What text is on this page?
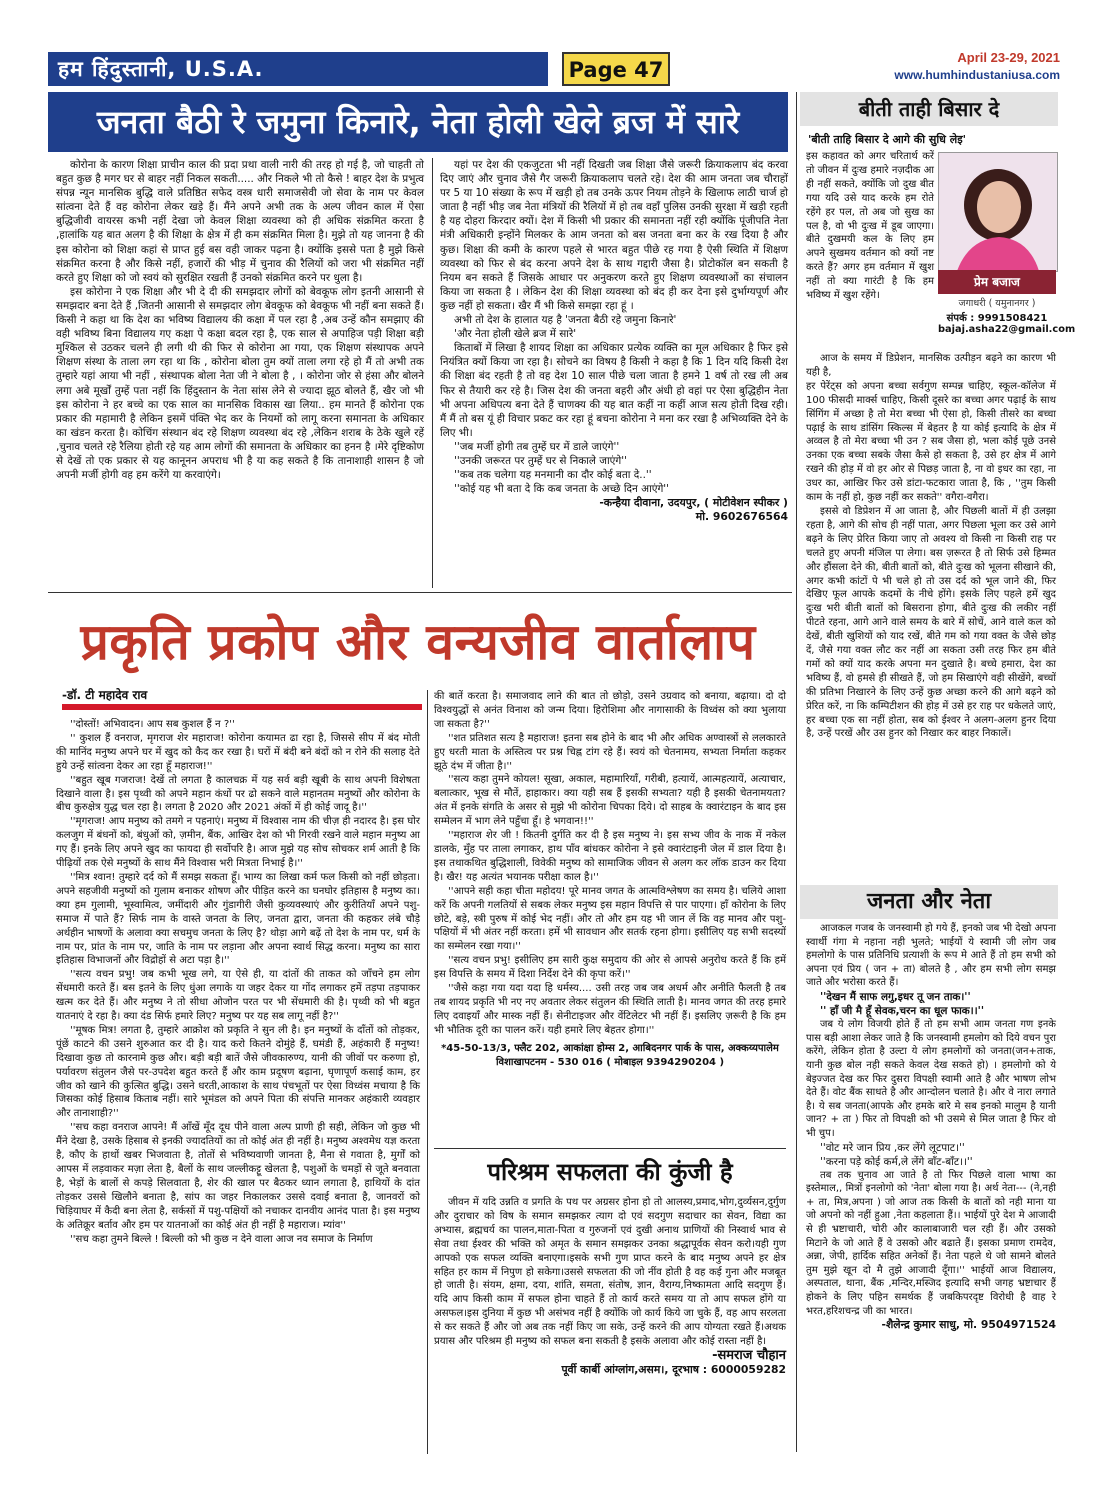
हम हिंदुस्तानी, U.S.A.	Page 47
April 23-29, 2021
www.humhindustaniusa.com
जनता बैठी रे जमुना किनारे, नेता होली खेले ब्रज में सारे

कोरोना के कारण शिक्षा प्राचीन काल की प्रदा प्रथा वाली नारी की तरह हो गई है, जो चाहती तो बहुत कुछ है मगर घर से बाहर नहीं निकल सकती..... और निकले भी तो कैसे ! बाहर देश के प्रभुत्व संपन्न न्यून मानसिक बुद्धि वाले प्रतिष्ठित सफेद वस्त्र धारी समाजसेवी जो सेवा के नाम पर केवल सांत्वना देते हैं वह कोरोना लेकर खड़े हैं। मैंने अपने अभी तक के अल्प जीवन काल में ऐसा बुद्धिजीवी वायरस कभी नहीं देखा जो केवल शिक्षा व्यवस्था को ही अधिक संक्रमित करता है ,हालांकि यह बात अलग है की शिक्षा के क्षेत्र में ही कम संक्रमित मिला है। मुझे तो यह जानना है की इस कोरोना को शिक्षा कहां से प्राप्त हुई बस वही जाकर पढ़ना है। क्योंकि इससे पता है मुझे किसे संक्रमित करना है और किसे नहीं, हजारों की भीड़ में चुनाव की रैलियों को जरा भी संक्रमित नहीं करते हुए शिक्षा को जो स्वयं को सुरक्षित रखती हैं उनको संक्रमित करने पर धुला है।

इस कोरोना ने एक शिक्षा और भी दे दी की समझदार लोगों को बेवकूफ लोग इतनी आसानी से समझदार बना देते हैं ,जितनी आसानी से समझदार लोग बेवकूफ को बेवकूफ भी नहीं बना सकते हैं। किसी ने कहा था कि देश का भविष्य विद्यालय की कक्षा में पल रहा है ,अब उन्हें कौन समझाए की वही भविष्य बिना विद्यालय गए कक्षा पे कक्षा बदल रहा है, एक साल से अपाहिज पड़ी शिक्षा बड़ी मुश्किल से उठकर चलने ही लगी थी की फिर से कोरोना आ गया, एक शिक्षण संस्थापक अपने शिक्षण संस्था के ताला लग रहा था कि , कोरोना बोला तुम क्यों ताला लगा रहे हो मैं तो अभी तक तुम्हारे यहां आया भी नहीं , संस्थापक बोला नेता जी ने बोला है , । कोरोना जोर से हंसा और बोलने लगा अबे मूर्खों तुम्हें पता नहीं कि हिंदुस्तान के नेता सांस लेने से ज्यादा झूठ बोलते हैं, खैर जो भी इस कोरोना ने हर बच्चे का एक साल का मानसिक विकास खा लिया.. हम मानते हैं कोरोना एक प्रकार की महामारी है लेकिन इसमें पंक्ति भेद कर के नियमों को लागू करना समानता के अधिकार का खंडन करता है। कोचिंग संस्थान बंद रहे शिक्षण व्यवस्था बंद रहे ,लेकिन शराब के ठेके खुले रहें ,चुनाव चलते रहे रैलिया होती रहे यह आम लोगों की समानता के अधिकार का हनन है ।मेरे दृष्टिकोण से देखें तो एक प्रकार से यह कानूनन अपराध भी है या कह सकते है कि तानाशाही शासन है जो अपनी मर्जी होगी वह हम करेंगे या करवाएंगे।

यहां पर देश की एकजुटता भी नहीं दिखती जब शिक्षा जैसे जरूरी क्रियाकलाप बंद करवा दिए जाएं और चुनाव जैसे गैर जरूरी क्रियाकलाप चलते रहे। देश की आम जनता जब चौराहों पर 5 या 10 संख्या के रूप में खड़ी हो तब उनके ऊपर नियम तोड़ने के खिलाफ लाठी चार्ज हो जाता है नहीं भीड़ जब नेता मंत्रियों की रैलियों में हो तब वहाँ पुलिस उनकी सुरक्षा में खड़ी रहती है यह दोहरा किरदार क्यों। देश में किसी भी प्रकार की समानता नहीं रही क्योंकि पूंजीपति नेता मंत्री अधिकारी इन्होंने मिलकर के आम जनता को बस जनता बना कर के रख दिया है और कुछ। शिक्षा की कमी के कारण पहले से भारत बहुत पीछे रह गया है ऐसी स्थिति में शिक्षण व्यवस्था को फिर से बंद करना अपने देश के साथ गद्दारी जैसा है। प्रोटोकॉल बन सकती है नियम बन सकते हैं जिसके आधार पर अनुकरण करते हुए शिक्षण व्यवस्थाओं का संचालन किया जा सकता है । लेकिन देश की शिक्षा व्यवस्था को बंद ही कर देना इसे दुर्भाग्यपूर्ण और कुछ नहीं हो सकता। खैर मैं भी किसे समझा रहा हूं ।

अभी तो देश के हालात यह है 'जनता बैठी रहे जमुना किनारे'

'और नेता होली खेले ब्रज में सारे'

किताबों में लिखा है शायद शिक्षा का अधिकार प्रत्येक व्यक्ति का मूल अधिकार है फिर इसे नियंत्रित क्यों किया जा रहा है। सोचने का विषय है किसी ने कहा है कि 1 दिन यदि किसी देश की शिक्षा बंद रहती है तो वह देश 10 साल पीछे चला जाता है हमने 1 वर्ष तो रख ली अब फिर से तैयारी कर रहे है। जिस देश की जनता बहरी और अंधी हो वहां पर ऐसा बुद्धिहीन नेता भी अपना अधिपत्य बना देते हैं चाणक्य की यह बात कहीं ना कहीं आज सत्य होती दिख रही। मैं मैं तो बस यूं ही विचार प्रकट कर रहा हूं बचना कोरोना ने मना कर रखा है अभिव्यक्ति देने के लिए भी।

''जब मर्जी होगी तब तुम्हें घर में डाले जाएंगे''

''उनकी जरूरत पर तुम्हें घर से निकाले जाएंगे''

''कब तक चलेगा यह मनमानी का दौर कोई बता दे..''

''कोई यह भी बता दे कि कब जनता के अच्छे दिन आएंगे''

-कन्हैया दीवाना, उदयपुर, ( मोटीवेशन स्पीकर )
मो. 9602676564
बीती ताही बिसार दे
'बीती ताहि बिसार दे आगे की सुधि लेइ'

इस कहावत को अगर चरितार्थ करें तो जीवन में दुःख हमारे नज़दीक आ ही नहीं सकते, क्योंकि जो दुख बीत गया यदि उसे याद करके हम रोते रहेंगे हर पल, तो अब जो सुख का पल है, वो भी दुःख में डूब जाएगा। बीते दुखमयी कल के लिए हम अपने सुखमय वर्तमान को क्यों नष्ट करते हैं? अगर हम वर्तमान में खुश नहीं तो क्या गारंटी है कि हम भविष्य में खुश रहेंगे।

प्रेम बजाज
जगाधरी ( यमुनानगर )
संपर्क : 9991508421
bajaj.asha22@gmail.com

आज के समय में डिप्रेशन, मानसिक उत्पीड़न बढ़ने का कारण भी यही है,

हर पेरेंट्स को अपना बच्चा सर्वगुण सम्पन्न चाहिए, स्कूल-कॉलेज में 100 फीसदी मार्क्स चाहिए, किसी दूसरे का बच्चा अगर पढ़ाई के साथ सिंगिंग में अच्छा है तो मेरा बच्चा भी ऐसा हो, किसी तीसरे का बच्चा पढ़ाई के साथ डांसिंग स्किल्स में बेहतर है या कोई इत्यादि के क्षेत्र में अव्वल है तो मेरा बच्चा भी उन ? सब जैसा हो, भला कोई पूछे उनसे उनका एक बच्चा सबके जैसा कैसे हो सकता है, उसे हर क्षेत्र में आगे रखने की होड़ में वो हर ओर से पिछड़ जाता है, ना वो इधर का रहा, ना उधर का, आखिर फिर उसे डांटा-फटकारा जाता है, कि , ''तुम किसी काम के नहीं हो, कुछ नहीं कर सकते'' वगैरा-वगैरा।

इससे वो डिप्रेशन में आ जाता है, और पिछली बातों में ही उलझा रहता है, आगे की सोच ही नहीं पाता, अगर पिछला भूला कर उसे आगे बढ़ने के लिए प्रेरित किया जाए तो अवश्य वो किसी ना किसी राह पर चलते हुए अपनी मंजिल पा लेगा। बस ज़रूरत है तो सिर्फ उसे हिम्मत और हौंसला देने की, बीती बातों को, बीते दुःख को भूलना सीखाने की, अगर कभी कांटों पे भी चले हो तो उस दर्द को भूल जाने की, फिर देखिए फूल आपके कदमों के नीचे होंगे। इसके लिए पहले हमें खुद दुःख भरी बीती बातों को बिसराना होगा, बीते दुःख की लकीर नहीं पीटते रहना, आगे आने वाले समय के बारे में सोचें, आने वाले कल को देखें, बीती खुशियों को याद रखें, बीते गम को गया वक्त के जैसे छोड़ दें, जैसे गया वक्त लौट कर नहीं आ सकता उसी तरह फिर हम बीते गमों को क्यों याद करके अपना मन दुखाते है। बच्चे हमारा, देश का भविष्य हैं, वो हमसे ही सीखते हैं, जो हम सिखाएंगे वही सीखेंगे, बच्चों की प्रतिभा निखारने के लिए उन्हें कुछ अच्छा करने की आगे बढ़ने को प्रेरित करें, ना कि कम्पिटीशन की होड़ में उसे हर राह पर धकेलते जाएं, हर बच्चा एक सा नहीं होता, सब को ईश्वर ने अलग-अलग हुनर दिया है, उन्हें परखें और उस हुनर को निखार कर बाहर निकालें।

जनता और नेता

आजकल गजब के जनस्वामी हो गये हैं, इनको जब भी देखो अपना स्वार्थी गंगा मे नहाना नही भुलते; भाईयों ये स्वामी जी लोग जब हमलोगो के पास प्रतिनिधि प्रत्याशी के रूप मे आते हैं तो हम सभी को अपना एवं प्रिय ( जन + ता) बोलते है , और हम सभी लोग समझ जाते और भरोसा करते हैं।

''देखन मैं साफ लगु,इधर तू जन ताक।''

'' हाँ जी मै हूँ सेवक,चरन का धूल फाक।।''

जब ये लोग विजयी होते हैं तो हम सभी आम जनता गण इनके पास बड़ी आशा लेकर जाते है कि जनस्वामी हमलोग को दिये वचन पुरा करेंगे, लेकिन होता है उल्टा ये लोग हमलोगों को जनता(जन+ताक, यानी कुछ बोल नही सकते केवल देख सकते हो) । हमलोगो को ये बेइज्जत देख कर फिर दुसरा विपक्षी स्वामी आते है और भाषण लोभ देते हैं। वोट बैंक साधते है और आन्दोलन चलाते है। और वे नारा लगाते है। ये सब जनता(आपके और हमके बारे मे सब इनको मालुम है यानी जान? + ता ) फिर तो विपक्षी को भी उसमे से मिल जाता है फिर वो भी चुप।

''वोट मरे जान प्रिय ,कर लेंगे लूटपाट।''

''करना पड़े कोई कर्म,ले लेंगे बाँट-बाँट।।''

तब तक चुनाव आ जाते है तो फिर पिछले वाला भाषा का इस्तेमाल,, मित्रों इनलोगो को 'नेता' बोला गया है। अर्थ नेता--- (ने,नही + ता, मित्र,अपना ) जो आज तक किसी के बातों को नही माना या जो अपनो को नहीं हुआ ,नेता कहलाता हैं।। भाईयों पुरे देश मे आजादी से ही भ्रष्टाचारी, चोरी और कालाबाजारी चल रही हैं। और उसको मिटाने के जो आते हैं वे उसको और बढाते हैं। इसका प्रमाण रामदेव, अन्ना, जेपी, हार्दिक सहित अनेकों हैं। नेता पहले थे जो सामने बोलते तुम मुझे खून दो मै तुझे आजादी दूँगा।'' भाईयों आज विद्यालय, अस्पताल, थाना, बैंक ,मन्दिर,मस्जिद इत्यादि सभी जगह भ्रष्टाचार हैं होकने के लिए पहिन समर्थक हैं जबकिपरदृष्ट विरोधी है वाह रे भरत,हरिशचन्द्र जी का भारत।

-शैलेन्द्र कुमार साधु, मो. 9504971524
प्रकृति प्रकोप और वन्यजीव वार्तालाप
-डॉ. टी महादेव राव

''दोस्तों! अभिवादन। आप सब कुशल हैं न ?''

'' कुशल हैं वनराज, मृगराज शेर महाराज! कोरोना कयामत ढा रहा है, जिससे सीप में बंद मोती की मानिंद मनुष्य अपने घर में खुद को कैद कर रखा है। घरों में बंदी बने बंदों को न रोने की सलाह देते हुये उन्हें सांत्वना देकर आ रहा हूँ महाराज!''

''बहुत खूब गजराज! देखें तो लगता है कालचक्र में यह सर्व बड़ी खूबी के साथ अपनी विशेषता दिखाने वाला है। इस पृथ्वी को अपने महान कंधों पर ढो सकने वाले महानतम मनुष्यों और कोरोना के बीच कुरुक्षेत्र युद्ध चल रहा है। लगता है 2020 और 2021 अंकों में ही कोई जादू है।''

''मृगराज! आप मनुष्य को तमगे न पहनाएं। मनुष्य में विश्वास नाम की चीज़ ही नदारद है। इस घोर कलजुग में बंधनों को, बंधुओं को, ज़मीन, बैंक, आखिर देश को भी गिरवी रखने वाले महान मनुष्य आ गए हैं। इनके लिए अपने खुद का फायदा ही सर्वोपरि है। आज मुझे यह सोच सोचकर शर्म आती है कि पीढ़ियों तक ऐसे मनुष्यों के साथ मैंने विश्वास भरी मित्रता निभाई है।''

''मित्र श्वान! तुम्हारे दर्द को मैं समझ सकता हूँ। भाग्य का लिखा कर्म फल किसी को नहीं छोड़ता। अपने सहजीवी मनुष्यों को गुलाम बनाकर शोषण और पीड़ित करने का घनघोर इतिहास है मनुष्य का। क्या हम गुलामी, भूस्वामित्व, जमींदारी और गुंडागीरी जैसी कुव्यवस्थाएं और कुरीतियाँ अपने पशु-समाज में पाते हैं? सिर्फ नाम के वास्ते जनता के लिए, जनता द्वारा, जनता की कहकर लंबे चौड़े अर्थहीन भाषणों के अलावा क्या सचमुच जनता के लिए है? थोड़ा आगे बढ़ें तो देश के नाम पर, धर्म के नाम पर, प्रांत के नाम पर, जाति के नाम पर लड़ाना और अपना स्वार्थ सिद्ध करना। मनुष्य का सारा इतिहास विभाजनों और विद्रोहों से अटा पड़ा है।''

''सत्य वचन प्रभु! जब कभी भूख लगे, या ऐसे ही, या दांतों की ताकत को जाँचने हम लोग सेंधमारी करते हैं। बस इतने के लिए धुंआ लगाके या जहर देकर या गोंद लगाकर हमें तड़पा तड़पाकर खत्म कर देते हैं। और मनुष्य ने तो सीधा ओजोन परत पर भी सेंधमारी की है। पृथ्वी को भी बहुत यातनाएं दे रहा है। क्या दंड सिर्फ हमारे लिए? मनुष्य पर यह सब लागू नहीं है?''

''मूषक मित्र! लगता है, तुम्हारे आक्रोश को प्रकृति ने सुन ली है। इन मनुष्यों के दाँतों को तोड़कर, पूंछें काटने की उसने शुरुआत कर दी है। याद करो कितने दोमुंहे हैं, घमंडी हैं, अहंकारी हैं मनुष्य! दिखावा कुछ तो कारनामे कुछ और। बड़ी बड़ी बातें जैसे जीवकारुण्य, यानी की जीवों पर करुणा हो, पर्यावरण संतुलन जैसे पर-उपदेश बहुत करते हैं और काम प्रदूषण बढ़ाना, घृणापूर्ण कसाई काम, हर जीव को खाने की कुत्सित बुद्धि। उसने धरती,आकाश के साथ पंचभूतों पर ऐसा विध्वंस मचाया है कि जिसका कोई हिसाब किताब नहीं। सारे भूमंडल को अपने पिता की संपत्ति मानकर अहंकारी व्यवहार और तानाशाही?''

''सच कहा वनराज आपने! मैं आँखें मूँद दूध पीने वाला अल्प प्राणी ही सही, लेकिन जो कुछ भी मैंने देखा है, उसके हिसाब से इनकी ज्यादतियों का तो कोई अंत ही नहीं है। मनुष्य अश्वमेध यज्ञ करता है, कौए के हाथों खबर भिजवाता है, तोतों से भविष्यवाणी जानता है, मैना से गवाता है, मुर्गों को आपस में लड़वाकर मज़ा लेता है, बैलों के साथ जल्लीकट्टू खेलता है, पशुओं के चमड़ों से जूते बनवाता है, भेड़ों के बालों से कपड़े सिलवाता है, शेर की खाल पर बैठकर ध्यान लगाता है, हाथियों के दांत तोड़कर उससे खिलौने बनाता है, सांप का जहर निकालकर उससे दवाई बनाता है, जानवरों को चिड़ियाघर में कैदी बना लेता है, सर्कसों में पशु-पक्षियों को नचाकर दानवीय आनंद पाता है। इस मनुष्य के अतिक्रूर बर्ताव और हम पर यातनाओं का कोई अंत ही नहीं है महाराज। म्यांव''

''सच कहा तुमने बिल्ले ! बिल्ली को भी कुछ न देने वाला आज नव समाज के निर्माण

की बातें करता है। समाजवाद लाने की बात तो छोड़ो, उसने उग्रवाद को बनाया, बढ़ाया। दो दो विश्वयुद्धों से अनंत विनाश को जन्म दिया। हिरोशिमा और नागासाकी के विध्वंस को क्या भुलाया जा सकता है?''

''शत प्रतिशत सत्य है महाराज! इतना सब होने के बाद भी और अधिक अण्वास्त्रों से ललकारते हुए धरती माता के अस्तित्व पर प्रश्न चिह्न टांग रहे हैं। स्वयं को चेतनामय, सभ्यता निर्माता कहकर झूठे दंभ में जीता है।''

''सत्य कहा तुमने कोयल! सूखा, अकाल, महामारियाँ, गरीबी, हत्यायें, आत्महत्यायें, अत्याचार, बलात्कार, भूख से मौतें, हाहाकार। क्या यही सब हैं इसकी सभ्यता? यही है इसकी चेतनामयता? अंत में इनके संगति के असर से मुझे भी कोरोना चिपका दिये। दो साहब के क्वारंटाइन के बाद इस सम्मेलन में भाग लेने पहुँचा हूँ। हे भगवान!!''

''महाराज शेर जी ! कितनी दुर्गति कर दी है इस मनुष्य ने। इस सभ्य जीव के नाक में नकेल डालके, मुँह पर ताला लगाकर, हाथ पाँव बांधकर कोरोना ने इसे क्वारंटाइनी जेल में डाल दिया है। इस तथाकथित बुद्धिशाली, विवेकी मनुष्य को सामाजिक जीवन से अलग कर लॉक डाउन कर दिया है। खैर! यह अत्यंत भयानक परीक्षा काल है।''

''आपने सही कहा चीता महोदय! पूरे मानव जगत के आत्मविश्लेषण का समय है। चलिये आशा करें कि अपनी गलतियों से सबक लेकर मनुष्य इस महान विपत्ति से पार पाएगा। हाँ कोरोना के लिए छोटे, बड़े, स्त्री पुरुष में कोई भेद नहीं। और तो और हम यह भी जान लें कि वह मानव और पशु-पक्षियों में भी अंतर नहीं करता। हमें भी सावधान और सतर्क रहना होगा। इसीलिए यह सभी सदस्यों का सम्मेलन रखा गया।''

''सत्य वचन प्रभु! इसीलिए हम सारी कुक्ष समुदाय की ओर से आपसे अनुरोध करते हैं कि हमें इस विपत्ति के समय में दिशा निर्देश देने की कृपा करें।''

''जैसे कहा गया यदा यदा हि धर्मस्य.... उसी तरह जब जब अधर्म और अनीति फैलती है तब तब शायद प्रकृति भी नए नए अवतार लेकर संतुलन की स्थिति लाती है। मानव जगत की तरह हमारे लिए दवाइयाँ और मास्क नहीं हैं। सेनीटाइजर और वेंटिलेटर भी नहीं हैं। इसलिए ज़रूरी है कि हम भी भौतिक दूरी का पालन करें। यही हमारे लिए बेहतर होगा।''

*45-50-13/3, फ्लैट 202, आकांक्षा होम्स 2, आबिदनगर पार्क के पास, अक्कय्यपालेम विशाखापटनम - 530 016 ( मोबाइल 9394290204 )
परिश्रम सफलता की कुंजी है

जीवन में यदि उन्नति व प्रगति के पथ पर अग्रसर होना हो तो आलस्य,प्रमाद,भोग,दुर्व्यसन,दुर्गुण और दुराचार को विष के समान समझकर त्याग दो एवं सदगुण सदाचार का सेवन, विद्या का अभ्यास, ब्रह्मचर्य का पालन,माता-पिता व गुरुजनों एवं दुखी अनाथ प्राणियों की निस्वार्थ भाव से सेवा तथा ईश्वर की भक्ति को अमृत के समान समझकर उनका श्रद्धापूर्वक सेवन करो।यही गुण आपको एक सफल व्यक्ति बनाएगा।इसके सभी गुण प्राप्त करने के बाद मनुष्य अपने हर क्षेत्र सहित हर काम में निपुण हो सकेगा।उससे सफलता की जो नींव होती है वह कई गुना और मजबूत हो जाती है। संयम, क्षमा, दया, शांति, समता, संतोष, ज्ञान, वैराग्य,निष्कामता आदि सदगुण हैं। यदि आप किसी काम में सफल होना चाहते हैं तो कार्य करते समय या तो आप सफल होंगे या असफल।इस दुनिया में कुछ भी असंभव नहीं है क्योंकि जो कार्य किये जा चुके हैं, वह आप सरलता से कर सकते हैं और जो अब तक नहीं किए जा सके, उन्हें करने की आप योग्यता रखते हैं।अथक प्रयास और परिश्रम ही मनुष्य को सफल बना सकती है इसके अलावा और कोई रास्ता नहीं है।

-समराज चौहान
पूर्वी कार्बी आंग्लांग,असम।, दूरभाष : 6000059282
